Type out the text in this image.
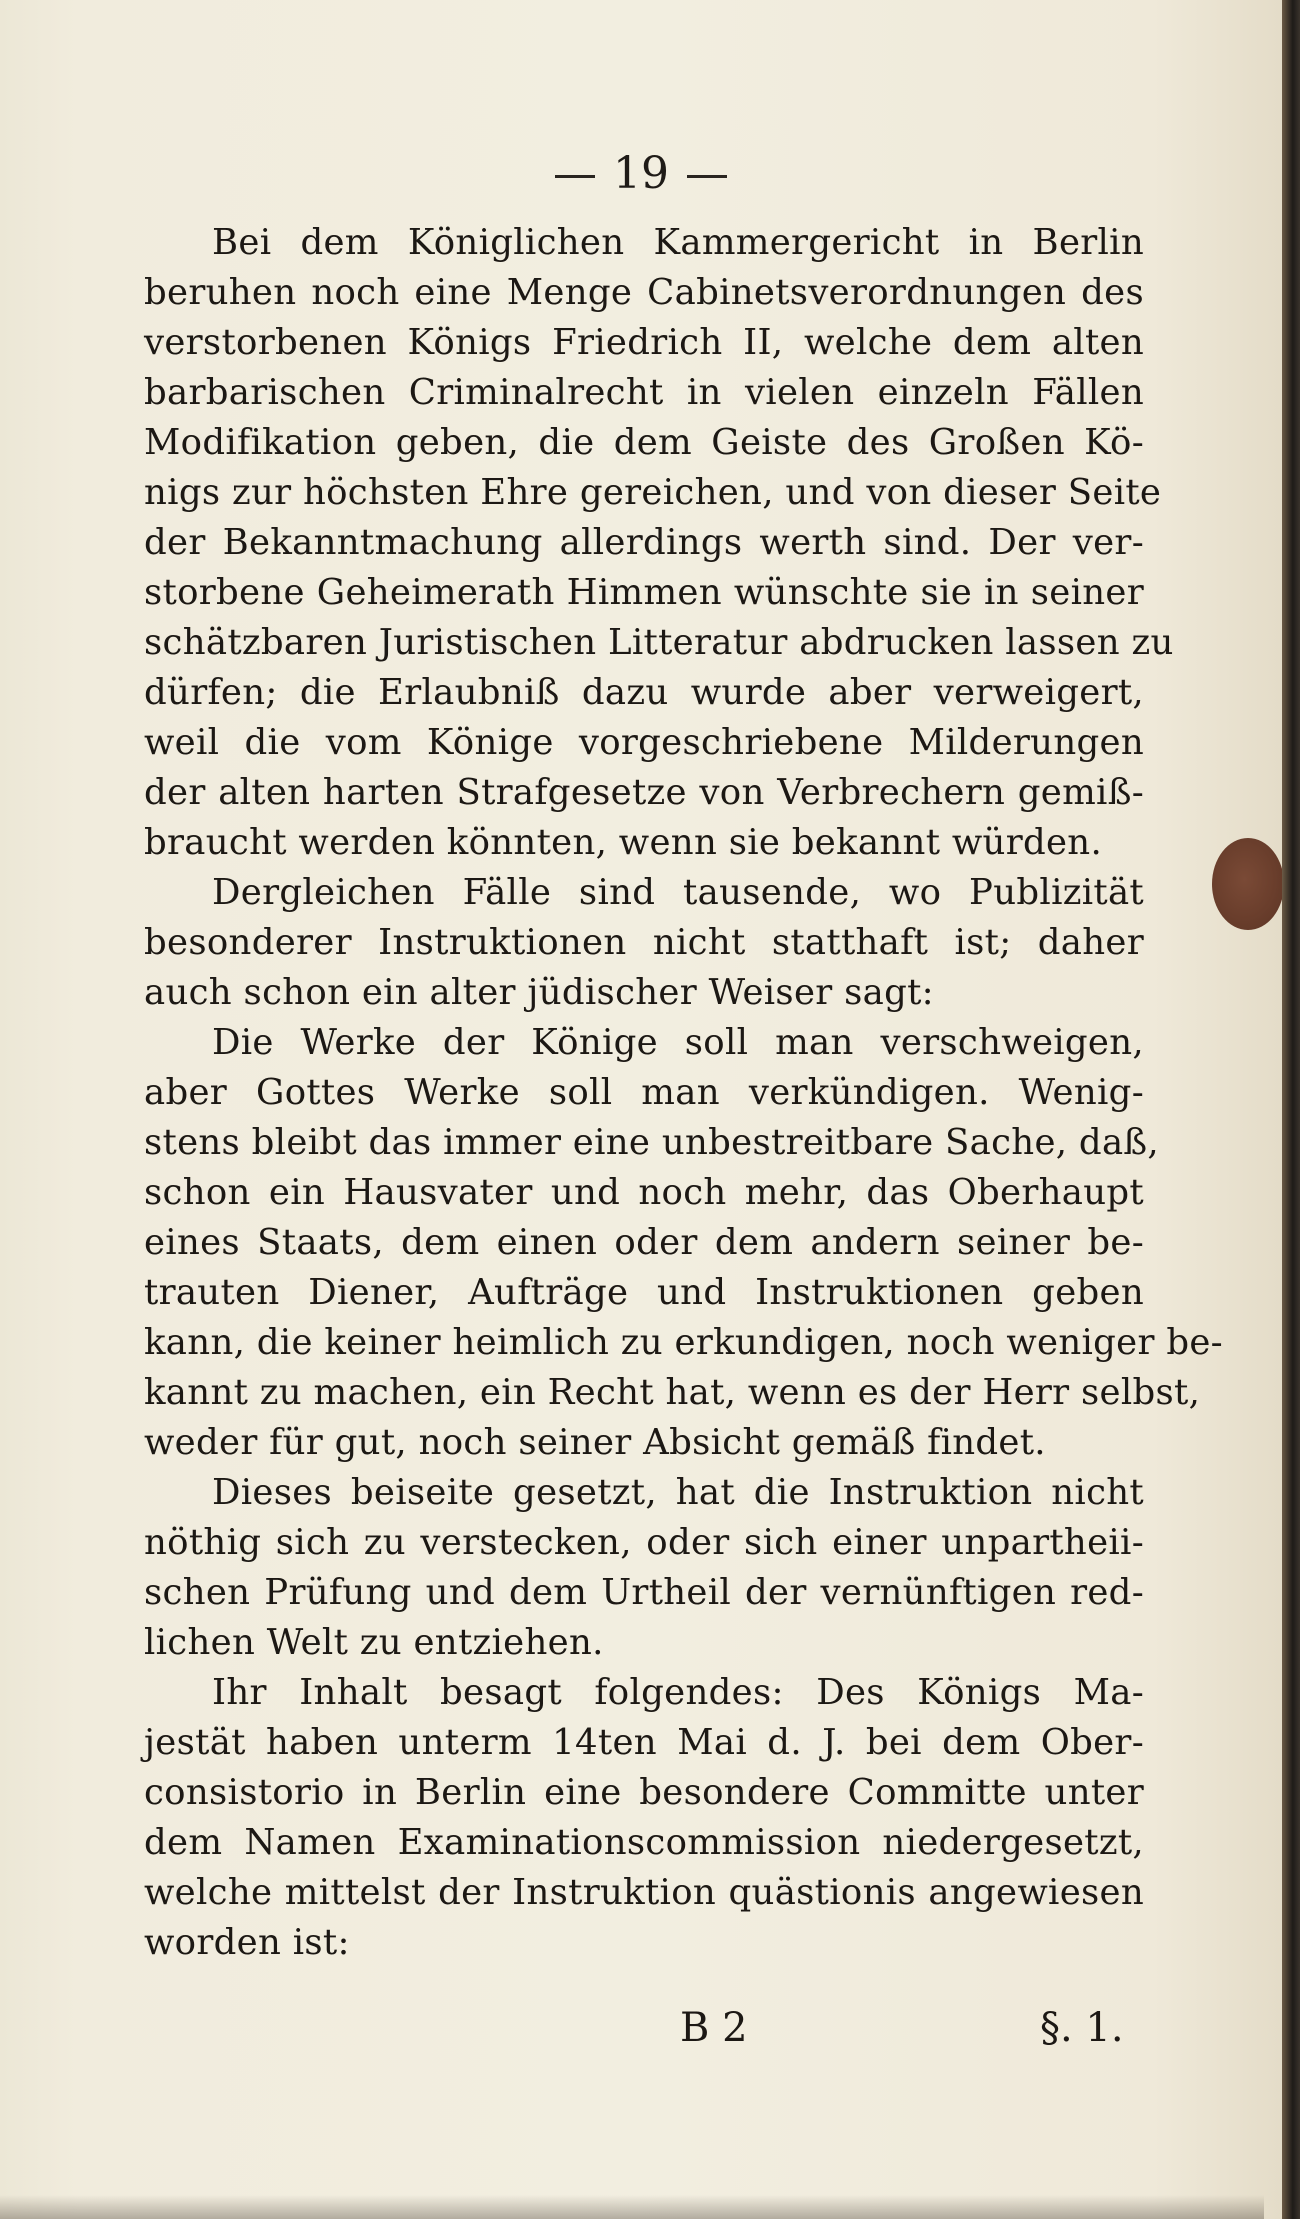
19
Bei dem Königlichen Kammergericht in Berlin
beruhen noch eine Menge Cabinetsverordnungen des
verstorbenen Königs Friedrich II, welche dem alten
barbarischen Criminalrecht in vielen einzeln Fällen
Modifikation geben, die dem Geiste des Großen Kö-
nigs zur höchsten Ehre gereichen, und von dieser Seite
der Bekanntmachung allerdings werth sind. Der ver-
storbene Geheimerath Himmen wünschte sie in seiner
schätzbaren Juristischen Litteratur abdrucken lassen zu
dürfen; die Erlaubniß dazu wurde aber verweigert,
weil die vom Könige vorgeschriebene Milderungen
der alten harten Strafgesetze von Verbrechern gemiß-
braucht werden könnten, wenn sie bekannt würden.
Dergleichen Fälle sind tausende, wo Publizität
besonderer Instruktionen nicht statthaft ist; daher
auch schon ein alter jüdischer Weiser sagt:
Die Werke der Könige soll man verschweigen,
aber Gottes Werke soll man verkündigen. Wenig-
stens bleibt das immer eine unbestreitbare Sache, daß,
schon ein Hausvater und noch mehr, das Oberhaupt
eines Staats, dem einen oder dem andern seiner be-
trauten Diener, Aufträge und Instruktionen geben
kann, die keiner heimlich zu erkundigen, noch weniger be-
kannt zu machen, ein Recht hat, wenn es der Herr selbst,
weder für gut, noch seiner Absicht gemäß findet.
Dieses beiseite gesetzt, hat die Instruktion nicht
nöthig sich zu verstecken, oder sich einer unpartheii-
schen Prüfung und dem Urtheil der vernünftigen red-
lichen Welt zu entziehen.
Ihr Inhalt besagt folgendes: Des Königs Ma-
jestät haben unterm 14ten Mai d. J. bei dem Ober-
consistorio in Berlin eine besondere Committe unter
dem Namen Examinationscommission niedergesetzt,
welche mittelst der Instruktion quästionis angewiesen
worden ist:
B 2	§. 1.
